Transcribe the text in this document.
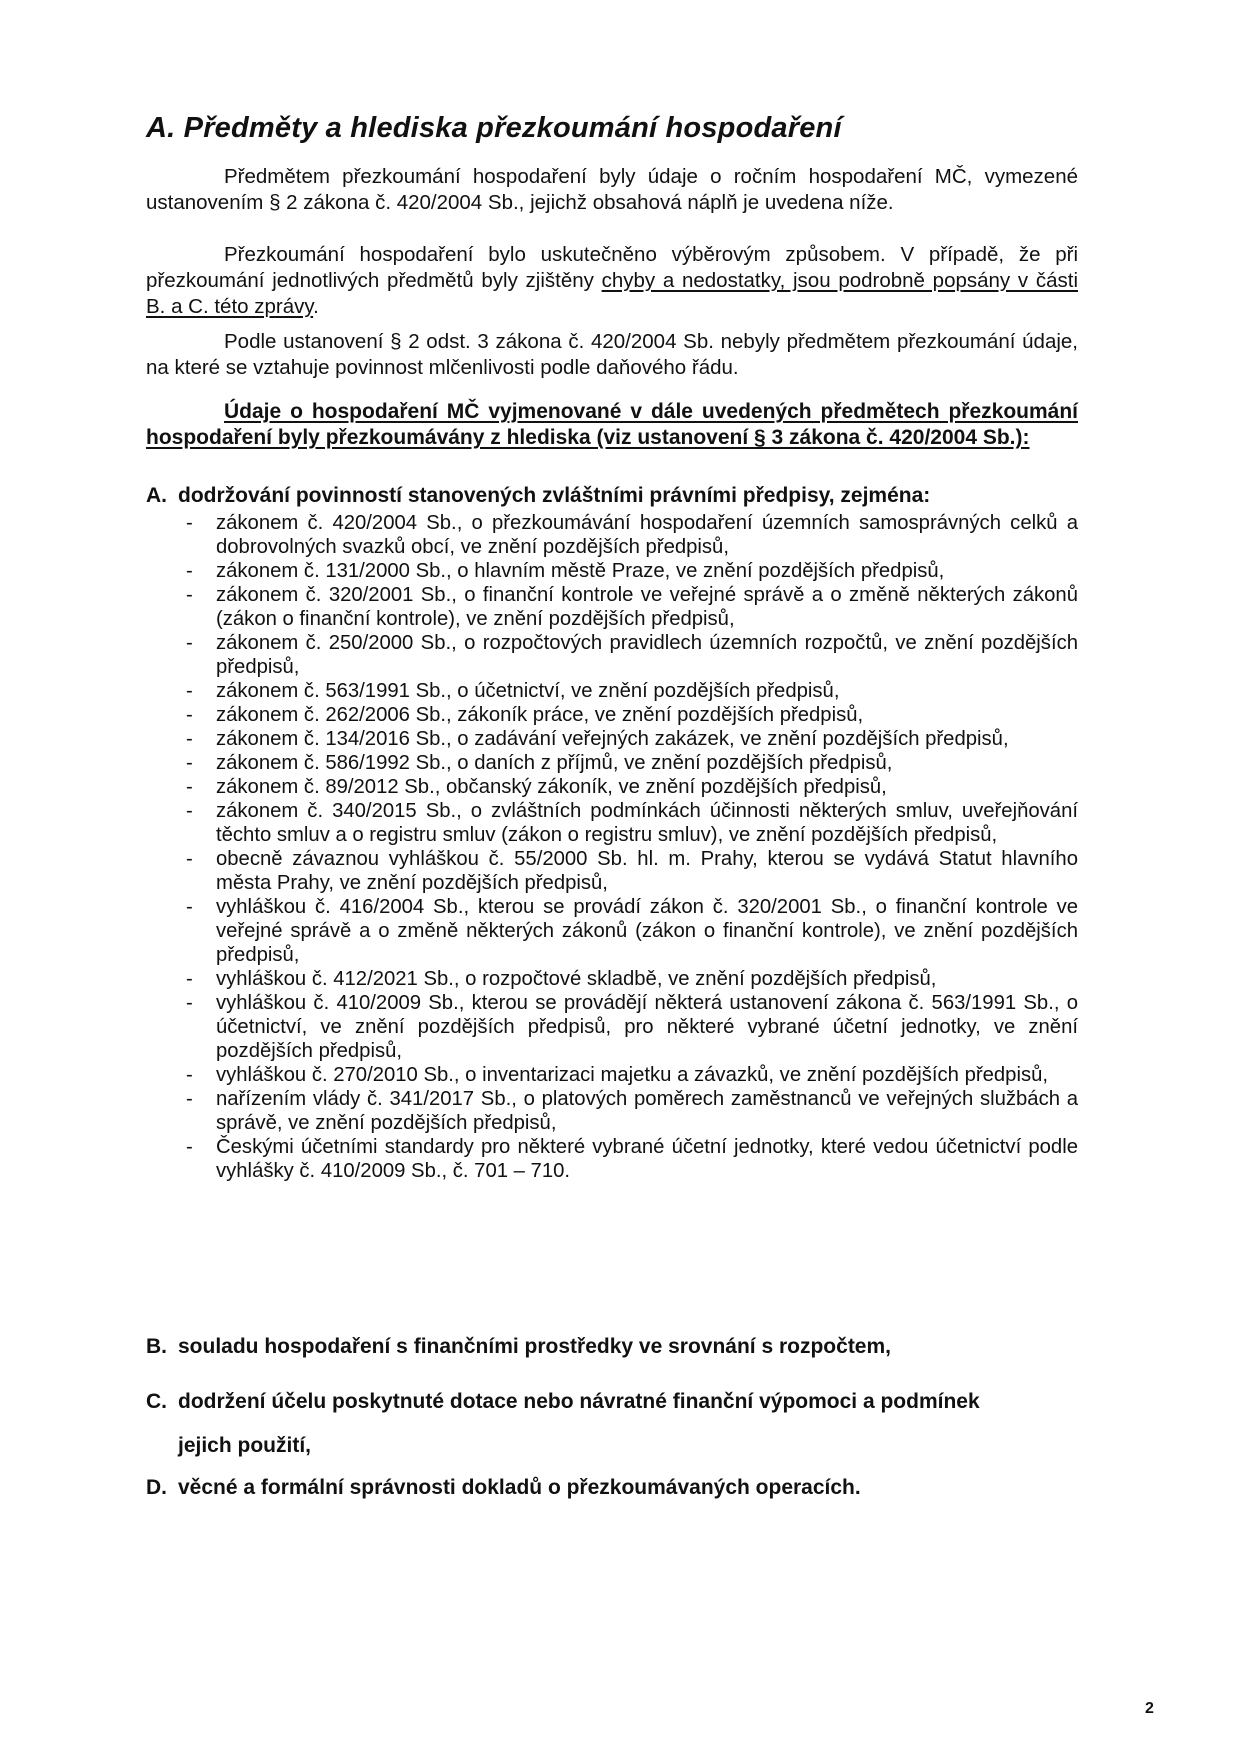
A. Předměty a hlediska přezkoumání hospodaření
Předmětem přezkoumání hospodaření byly údaje o ročním hospodaření MČ, vymezené ustanovením § 2 zákona č. 420/2004 Sb., jejichž obsahová náplň je uvedena níže.
Přezkoumání hospodaření bylo uskutečněno výběrovým způsobem. V případě, že při přezkoumání jednotlivých předmětů byly zjištěny chyby a nedostatky, jsou podrobně popsány v části B. a C. této zprávy.
Podle ustanovení § 2 odst. 3 zákona č. 420/2004 Sb. nebyly předmětem přezkoumání údaje, na které se vztahuje povinnost mlčenlivosti podle daňového řádu.
Údaje o hospodaření MČ vyjmenované v dále uvedených předmětech přezkoumání hospodaření byly přezkoumávány z hlediska (viz ustanovení § 3 zákona č. 420/2004 Sb.):
A. dodržování povinností stanovených zvláštními právními předpisy, zejména:
- zákonem č. 420/2004 Sb., o přezkoumávání hospodaření územních samosprávných celků a dobrovolných svazků obcí, ve znění pozdějších předpisů,
- zákonem č. 131/2000 Sb., o hlavním městě Praze, ve znění pozdějších předpisů,
- zákonem č. 320/2001 Sb., o finanční kontrole ve veřejné správě a o změně některých zákonů (zákon o finanční kontrole), ve znění pozdějších předpisů,
- zákonem č. 250/2000 Sb., o rozpočtových pravidlech územních rozpočtů, ve znění pozdějších předpisů,
- zákonem č. 563/1991 Sb., o účetnictví, ve znění pozdějších předpisů,
- zákonem č. 262/2006 Sb., zákoník práce, ve znění pozdějších předpisů,
- zákonem č. 134/2016 Sb., o zadávání veřejných zakázek, ve znění pozdějších předpisů,
- zákonem č. 586/1992 Sb., o daních z příjmů, ve znění pozdějších předpisů,
- zákonem č. 89/2012 Sb., občanský zákoník, ve znění pozdějších předpisů,
- zákonem č. 340/2015 Sb., o zvláštních podmínkách účinnosti některých smluv, uveřejňování těchto smluv a o registru smluv (zákon o registru smluv), ve znění pozdějších předpisů,
- obecně závaznou vyhláškou č. 55/2000 Sb. hl. m. Prahy, kterou se vydává Statut hlavního města Prahy, ve znění pozdějších předpisů,
- vyhláškou č. 416/2004 Sb., kterou se provádí zákon č. 320/2001 Sb., o finanční kontrole ve veřejné správě a o změně některých zákonů (zákon o finanční kontrole), ve znění pozdějších předpisů,
- vyhláškou č. 412/2021 Sb., o rozpočtové skladbě, ve znění pozdějších předpisů,
- vyhláškou č. 410/2009 Sb., kterou se provádějí některá ustanovení zákona č. 563/1991 Sb., o účetnictví, ve znění pozdějších předpisů, pro některé vybrané účetní jednotky, ve znění pozdějších předpisů,
- vyhláškou č. 270/2010 Sb., o inventarizaci majetku a závazků, ve znění pozdějších předpisů,
- nařízením vlády č. 341/2017 Sb., o platových poměrech zaměstnanců ve veřejných službách a správě, ve znění pozdějších předpisů,
- Českými účetními standardy pro některé vybrané účetní jednotky, které vedou účetnictví podle vyhlášky č. 410/2009 Sb., č. 701 – 710.
B. souladu hospodaření s finančními prostředky ve srovnání s rozpočtem,
C. dodržení účelu poskytnuté dotace nebo návratné finanční výpomoci a podmínek
jejich použití,
D. věcné a formální správnosti dokladů o přezkoumávaných operacích.
2
